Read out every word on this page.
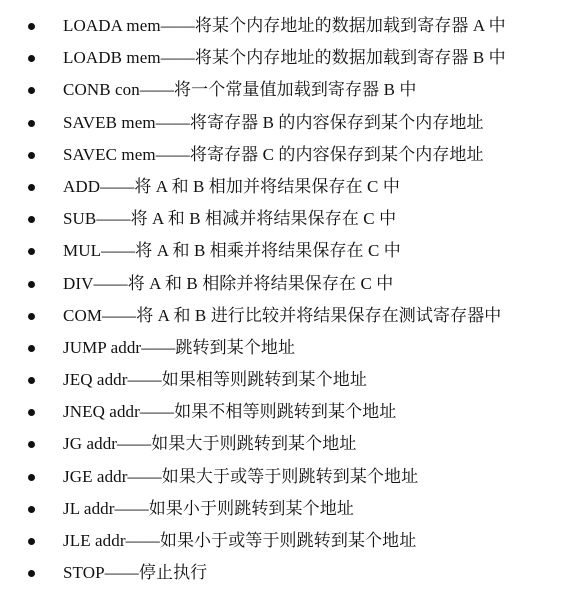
LOADA mem——将某个内存地址的数据加载到寄存器 A 中
LOADB mem——将某个内存地址的数据加载到寄存器 B 中
CONB con——将一个常量值加载到寄存器 B 中
SAVEB mem——将寄存器 B 的内容保存到某个内存地址
SAVEC mem——将寄存器 C 的内容保存到某个内存地址
ADD——将 A 和 B 相加并将结果保存在 C 中
SUB——将 A 和 B 相减并将结果保存在 C 中
MUL——将 A 和 B 相乘并将结果保存在 C 中
DIV——将 A 和 B 相除并将结果保存在 C 中
COM——将 A 和 B 进行比较并将结果保存在测试寄存器中
JUMP addr——跳转到某个地址
JEQ addr——如果相等则跳转到某个地址
JNEQ addr——如果不相等则跳转到某个地址
JG addr——如果大于则跳转到某个地址
JGE addr——如果大于或等于则跳转到某个地址
JL addr——如果小于则跳转到某个地址
JLE addr——如果小于或等于则跳转到某个地址
STOP——停止执行
